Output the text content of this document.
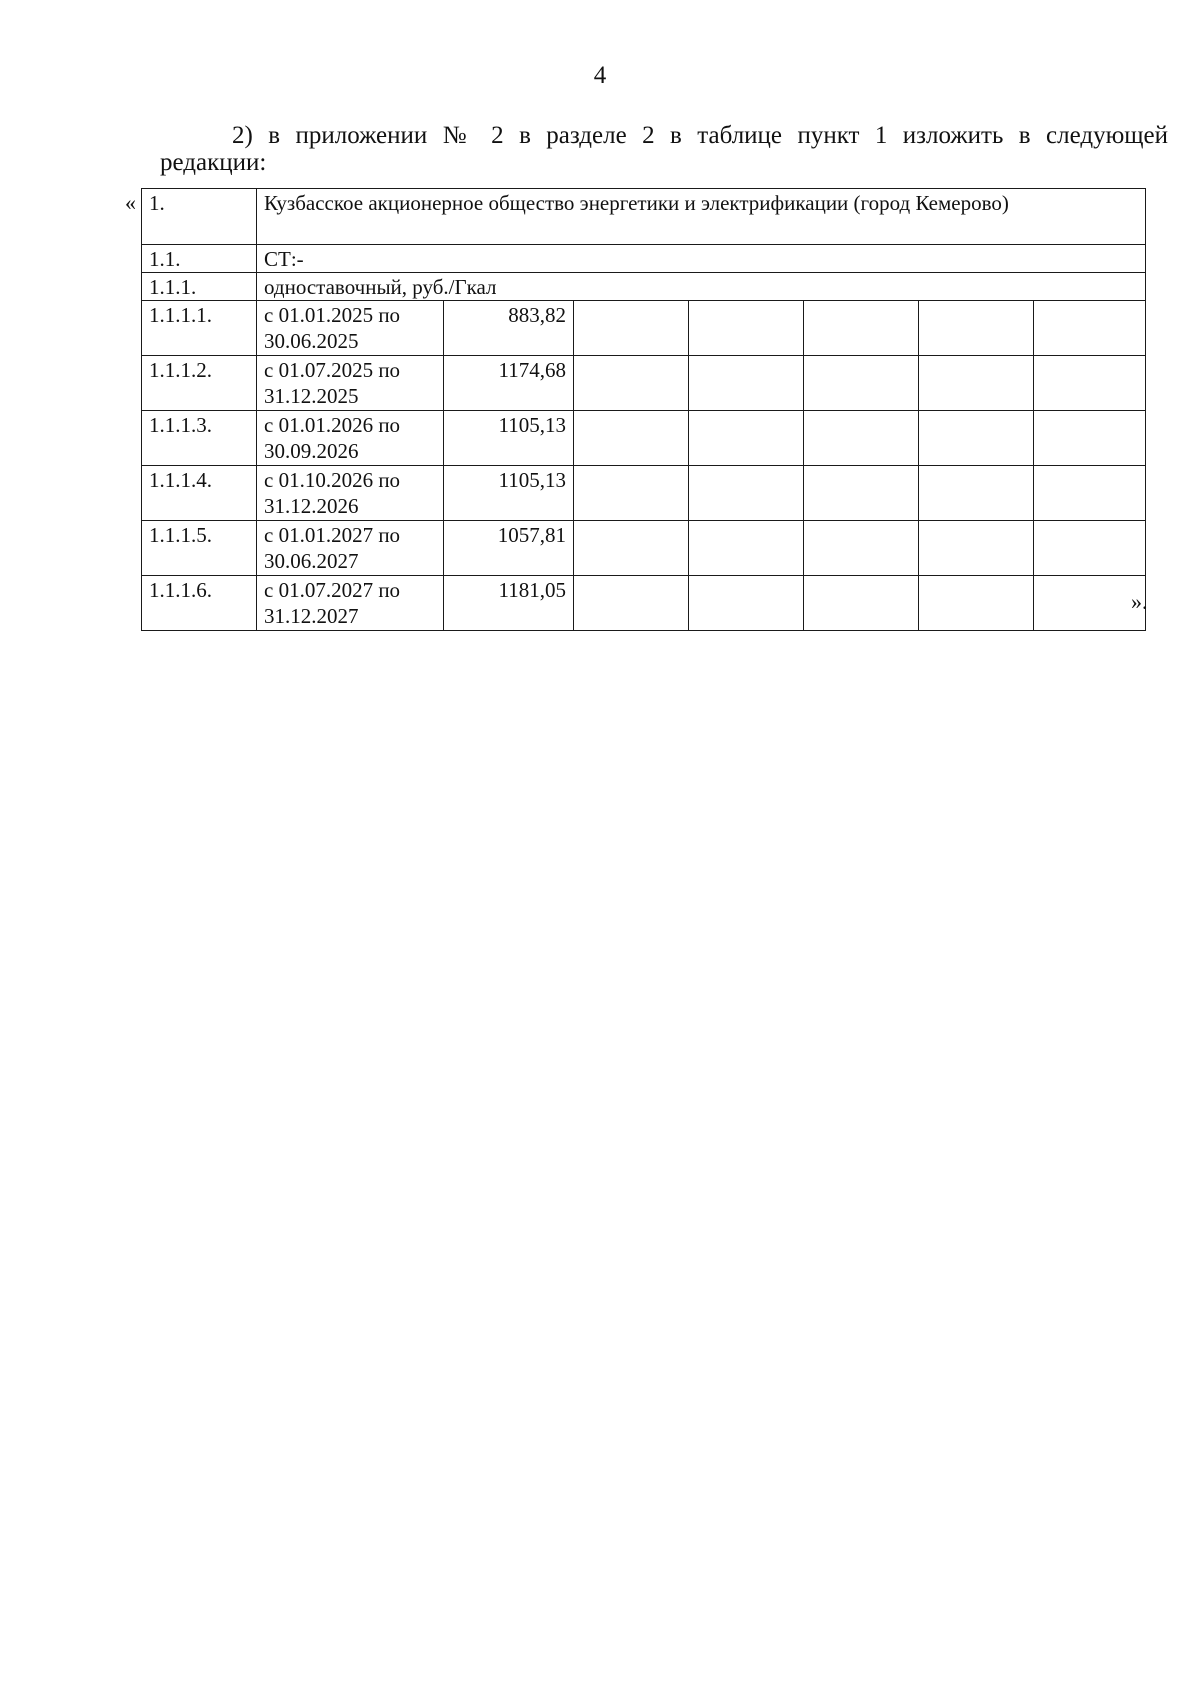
4
2) в приложении № 2 в разделе 2 в таблице пункт 1 изложить в следующей
редакции:
« 1.	Кузбасское акционерное общество энергетики и электрификации (город Кемерово)						
1.1.	СТ:-						
1.1.1.	одноставочный, руб./Гкал						
1.1.1.1.	с 01.01.2025 по 30.06.2025	883,82					
1.1.1.2.	с 01.07.2025 по 31.12.2025	1174,68					
1.1.1.3.	с 01.01.2026 по 30.09.2026	1105,13					
1.1.1.4.	с 01.10.2026 по 31.12.2026	1105,13					
1.1.1.5.	с 01.01.2027 по 30.06.2027	1057,81					
1.1.1.6.	с 01.07.2027 по 31.12.2027	1181,05						».
